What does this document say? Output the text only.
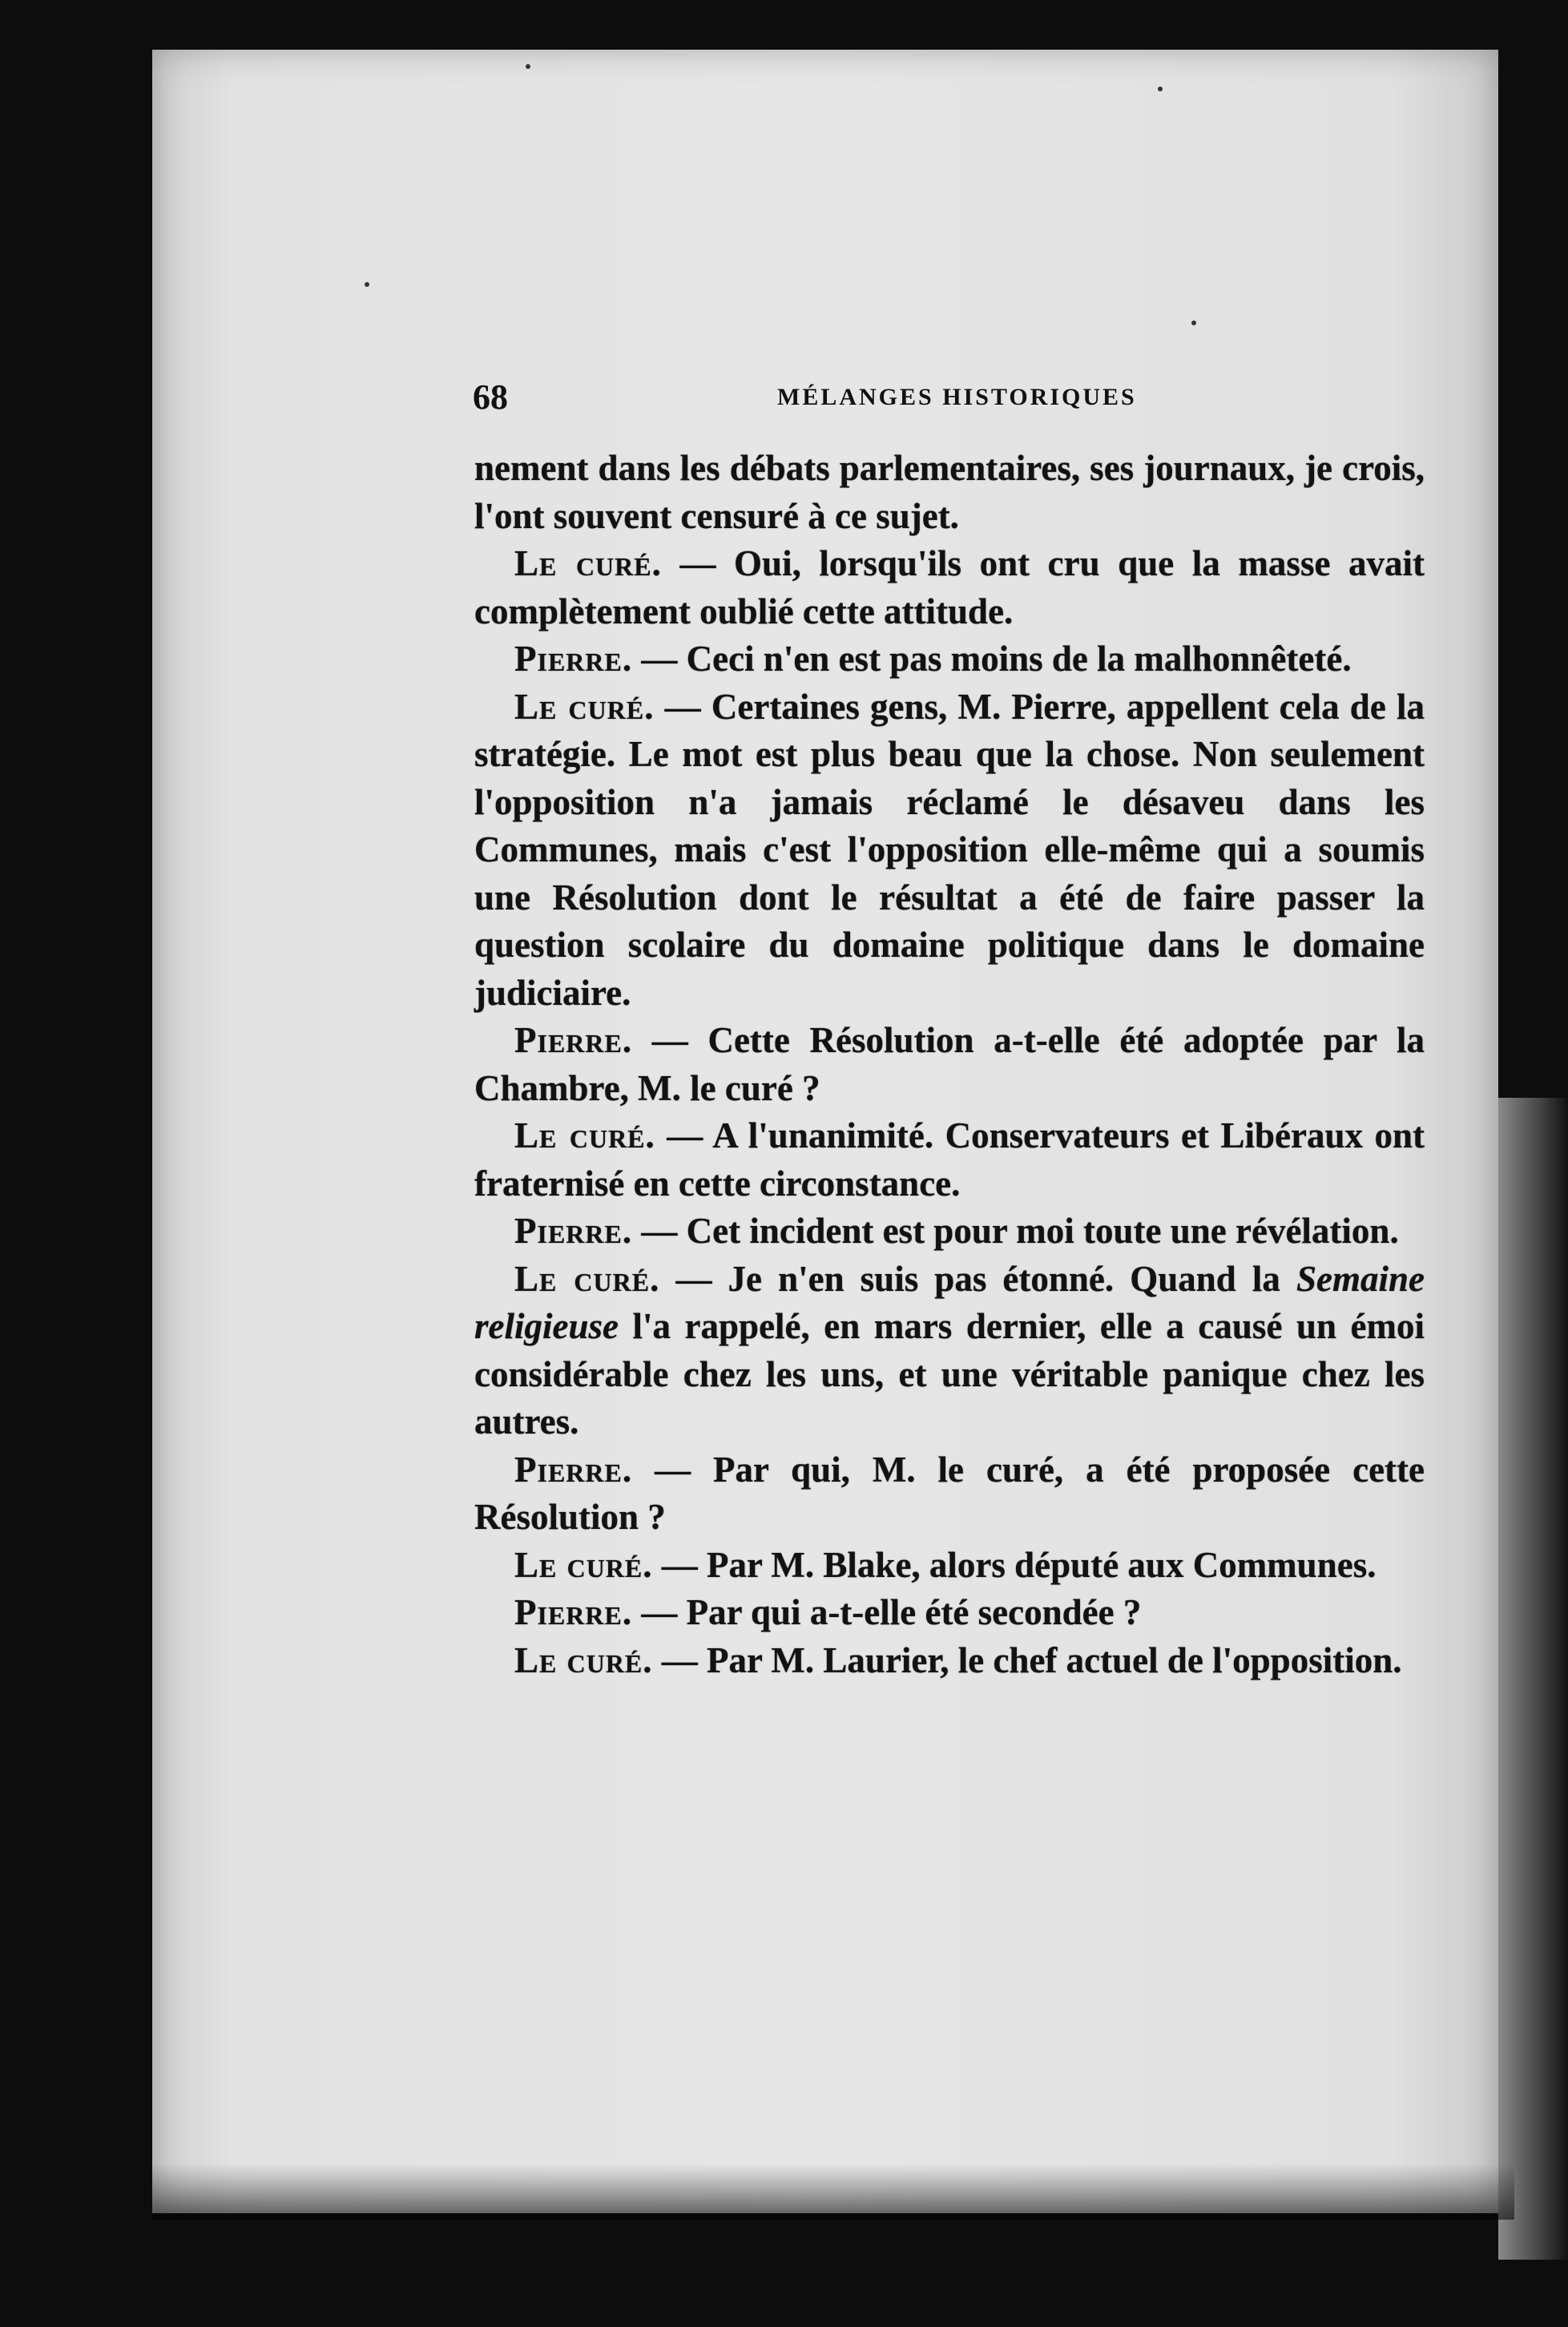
68	MÉLANGES HISTORIQUES

nement dans les débats parlementaires, ses journaux, je crois, l'ont souvent censuré à ce sujet.

Le curé. — Oui, lorsqu'ils ont cru que la masse avait complètement oublié cette attitude.

Pierre. — Ceci n'en est pas moins de la malhonnêteté.

Le curé. — Certaines gens, M. Pierre, appellent cela de la stratégie. Le mot est plus beau que la chose. Non seulement l'opposition n'a jamais réclamé le désaveu dans les Communes, mais c'est l'opposition elle-même qui a soumis une Résolution dont le résultat a été de faire passer la question scolaire du domaine politique dans le domaine judiciaire.

Pierre. — Cette Résolution a-t-elle été adoptée par la Chambre, M. le curé ?

Le curé. — A l'unanimité. Conservateurs et Libéraux ont fraternisé en cette circonstance.

Pierre. — Cet incident est pour moi toute une révélation.

Le curé. — Je n'en suis pas étonné. Quand la Semaine religieuse l'a rappelé, en mars dernier, elle a causé un émoi considérable chez les uns, et une véritable panique chez les autres.

Pierre. — Par qui, M. le curé, a été proposée cette Résolution ?

Le curé. — Par M. Blake, alors député aux Communes.

Pierre. — Par qui a-t-elle été secondée ?

Le curé. — Par M. Laurier, le chef actuel de l'opposition.
